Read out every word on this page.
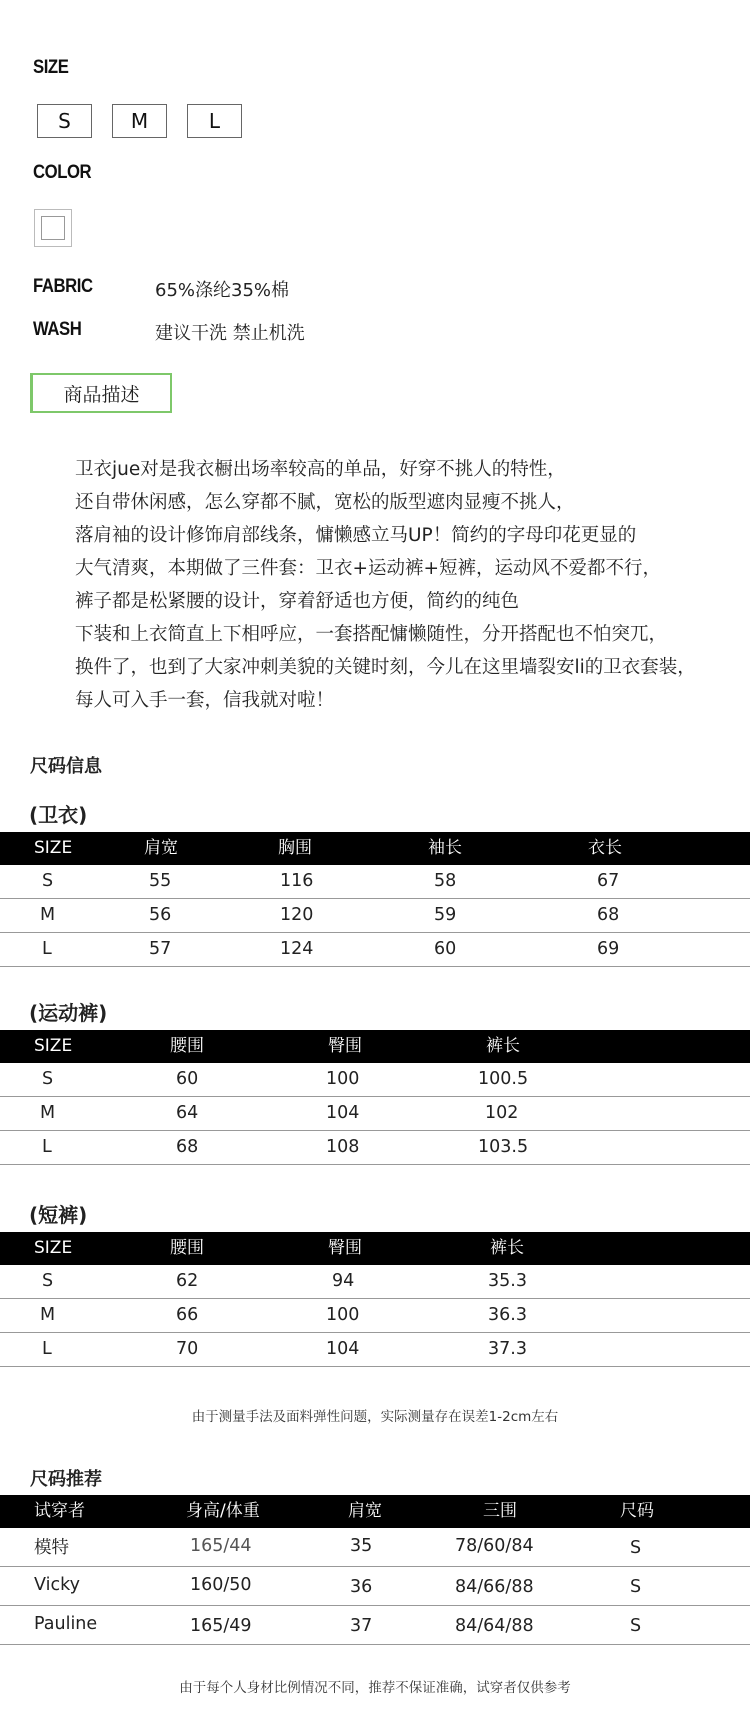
SIZE
S	M	L
COLOR
FABRIC	65%涤纶35%棉
WASH	建议干洗 禁止机洗
商品描述
卫衣jue对是我衣橱出场率较高的单品，好穿不挑人的特性，
还自带休闲感，怎么穿都不腻，宽松的版型遮肉显瘦不挑人，
落肩袖的设计修饰肩部线条，慵懒感立马UP！简约的字母印花更显的
大气清爽，本期做了三件套：卫衣+运动裤+短裤，运动风不爱都不行，
裤子都是松紧腰的设计，穿着舒适也方便，简约的纯色
下装和上衣简直上下相呼应，一套搭配慵懒随性，分开搭配也不怕突兀，
换件了，也到了大家冲刺美貌的关键时刻，今儿在这里墙裂安li的卫衣套装，
每人可入手一套，信我就对啦！
尺码信息
(卫衣)
SIZE	肩宽	胸围	袖长	衣长
S	55	116	58	67
M	56	120	59	68
L	57	124	60	69
(运动裤)
SIZE	腰围	臀围	裤长
S	60	100	100.5
M	64	104	102
L	68	108	103.5
(短裤)
SIZE	腰围	臀围	裤长
S	62	94	35.3
M	66	100	36.3
L	70	104	37.3
由于测量手法及面料弹性问题，实际测量存在误差1-2cm左右
尺码推荐
试穿者	身高/体重	肩宽	三围	尺码
模特	165/44	35	78/60/84	S
Vicky	160/50	36	84/66/88	S
Pauline	165/49	37	84/64/88	S
由于每个人身材比例情况不同，推荐不保证准确，试穿者仅供参考
